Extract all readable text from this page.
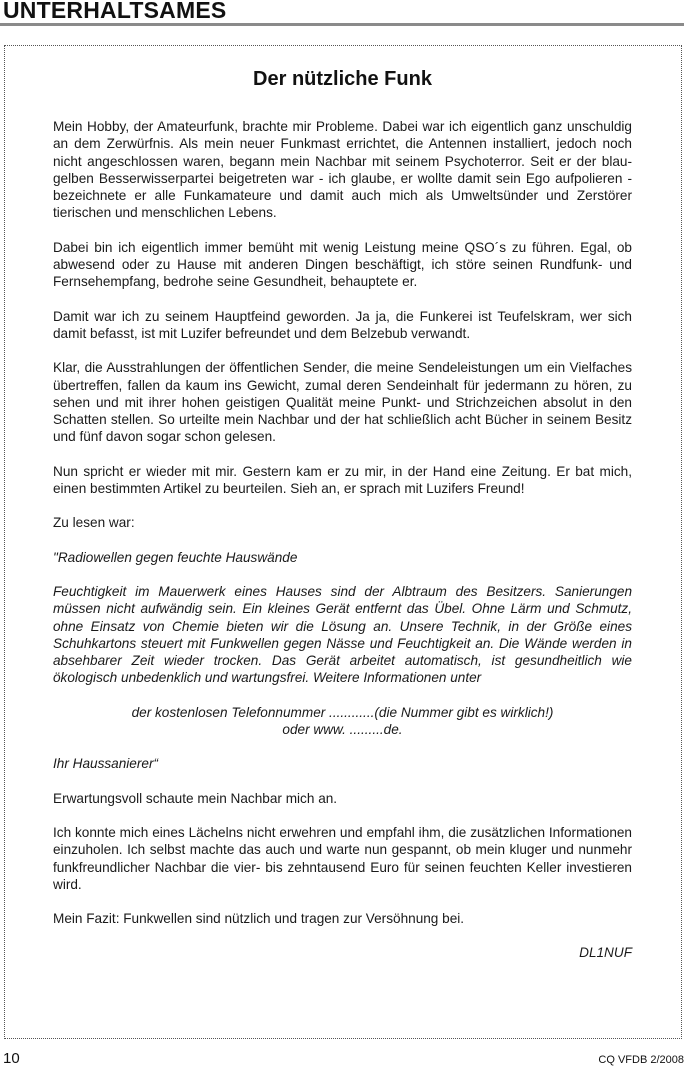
UNTERHALTSAMES
Der nützliche Funk

Mein Hobby, der Amateurfunk, brachte mir Probleme. Dabei war ich eigentlich ganz unschuldig an dem Zerwürfnis. Als mein neuer Funkmast errichtet, die Antennen installiert, jedoch noch nicht angeschlossen waren, begann mein Nachbar mit seinem Psychoterror. Seit er der blau-gelben Besserwisserpartei beigetreten war - ich glaube, er wollte damit sein Ego aufpolieren - bezeichnete er alle Funkamateure und damit auch mich als Umweltsünder und Zerstörer tierischen und menschlichen Lebens.

Dabei bin ich eigentlich immer bemüht mit wenig Leistung meine QSO´s zu führen. Egal, ob abwesend oder zu Hause mit anderen Dingen beschäftigt, ich störe seinen Rundfunk- und Fernsehempfang, bedrohe seine Gesundheit, behauptete er.

Damit war ich zu seinem Hauptfeind geworden. Ja ja, die Funkerei ist Teufelskram, wer sich damit befasst, ist mit Luzifer befreundet und dem Belzebub verwandt.

Klar, die Ausstrahlungen der öffentlichen Sender, die meine Sendeleistungen um ein Vielfaches übertreffen, fallen da kaum ins Gewicht, zumal deren Sendeinhalt für jedermann zu hören, zu sehen und mit ihrer hohen geistigen Qualität meine Punkt- und Strichzeichen absolut in den Schatten stellen. So urteilte mein Nachbar und der hat schließlich acht Bücher in seinem Besitz und fünf davon sogar schon gelesen.

Nun spricht er wieder mit mir. Gestern kam er zu mir, in der Hand eine Zeitung. Er bat mich, einen bestimmten Artikel zu beurteilen. Sieh an, er sprach mit Luzifers Freund!

Zu lesen war:

"Radiowellen gegen feuchte Hauswände

Feuchtigkeit im Mauerwerk eines Hauses sind der Albtraum des Besitzers. Sanierungen müssen nicht aufwändig sein. Ein kleines Gerät entfernt das Übel. Ohne Lärm und Schmutz, ohne Einsatz von Chemie bieten wir die Lösung an. Unsere Technik, in der Größe eines Schuhkartons steuert mit Funkwellen gegen Nässe und Feuchtigkeit an. Die Wände werden in absehbarer Zeit wieder trocken. Das Gerät arbeitet automatisch, ist gesundheitlich wie ökologisch unbedenklich und wartungsfrei. Weitere Informationen unter

der kostenlosen Telefonnummer ............(die Nummer gibt es wirklich!)
oder www. .........de.

Ihr Haussanierer“

Erwartungsvoll schaute mein Nachbar mich an.

Ich konnte mich eines Lächelns nicht erwehren und empfahl ihm, die zusätzlichen Informationen einzuholen. Ich selbst machte das auch und warte nun gespannt, ob mein kluger und nunmehr funkfreundlicher Nachbar die vier- bis zehntausend Euro für seinen feuchten Keller investieren wird.

Mein Fazit: Funkwellen sind nützlich und tragen zur Versöhnung bei.

DL1NUF

10	CQ VFDB 2/2008
